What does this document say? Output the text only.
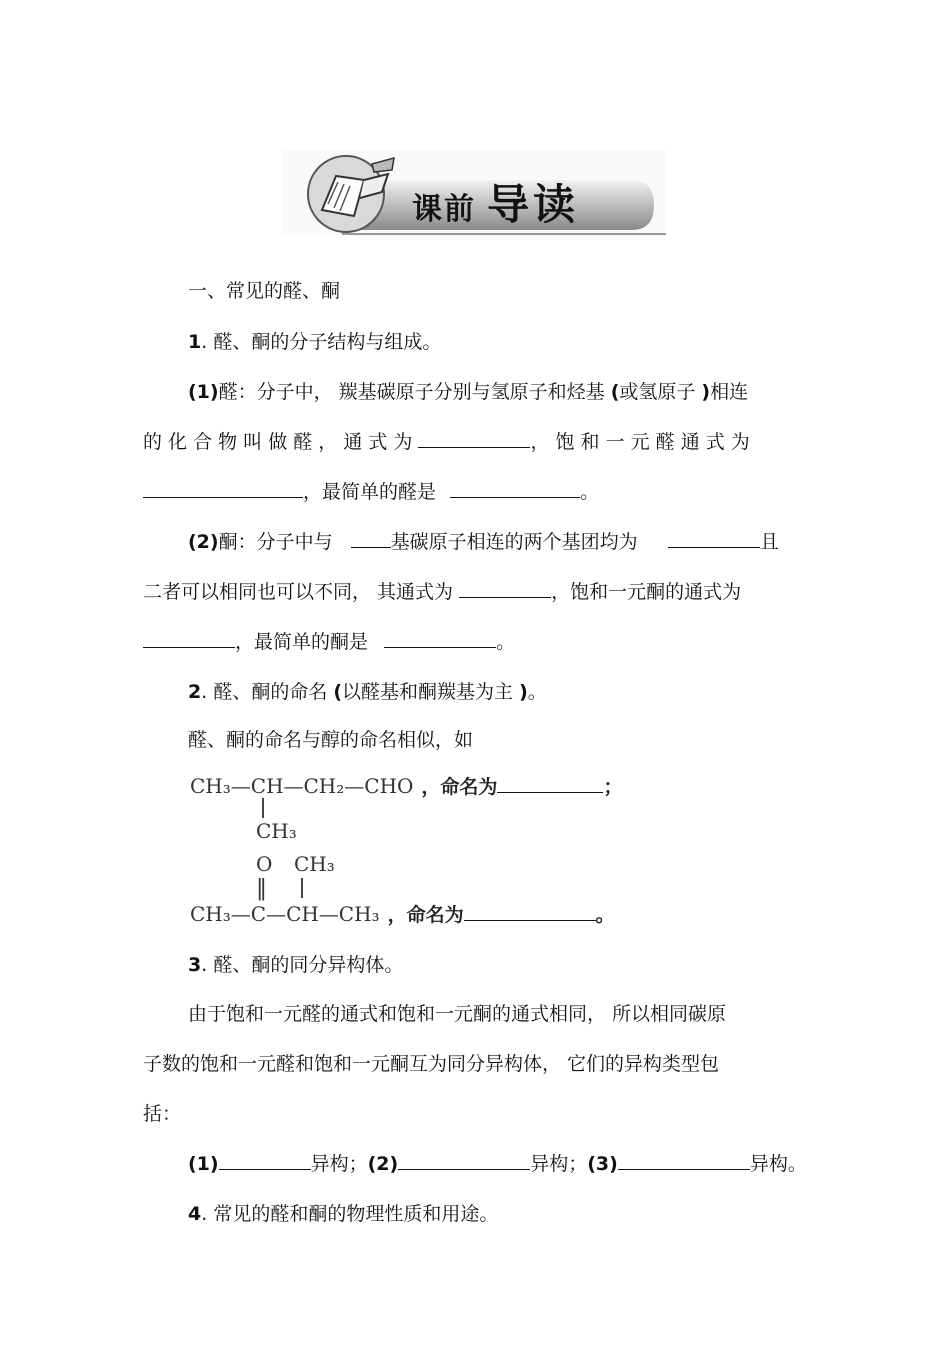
课前 导读
一、常见的醛、酮
1. 醛、酮的分子结构与组成。
(1)醛：分子中， 羰基碳原子分别与氢原子和烃基 (或氢原子 )相连
的 化 合 物 叫 做 醛 ， 通 式 为	， 饱 和 一 元 醛 通 式 为
，最简单的醛是	。
(2)酮：分子中与	基碳原子相连的两个基团均为	且
二者可以相同也可以不同， 其通式为	，饱和一元酮的通式为
，最简单的酮是	。
2. 醛、酮的命名 (以醛基和酮羰基为主 )。
醛、酮的命名与醇的命名相似，如
CH₃—CH—CH₂—CHO ，命名为	；
CH₃
O CH₃
‖
CH₃—C—CH—CH₃ ，命名为	。
3. 醛、酮的同分异构体。
由于饱和一元醛的通式和饱和一元酮的通式相同， 所以相同碳原
子数的饱和一元醛和饱和一元酮互为同分异构体， 它们的异构类型包
括：
(1)	异构；(2)	异构；(3)	异构。
4. 常见的醛和酮的物理性质和用途。
